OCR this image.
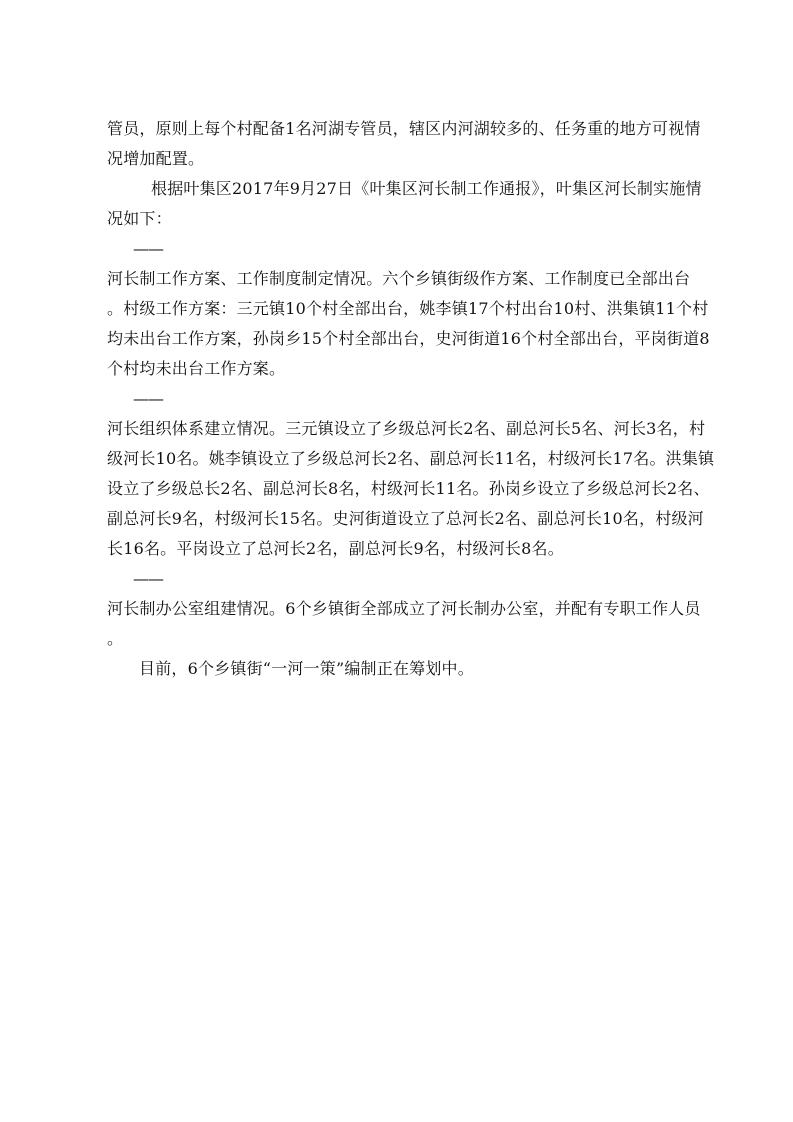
管员，原则上每个村配备1名河湖专管员，辖区内河湖较多的、任务重的地方可视情
况增加配置。
根据叶集区2017年9月27日《叶集区河长制工作通报》，叶集区河长制实施情
况如下：
——
河长制工作方案、工作制度制定情况。六个乡镇街级作方案、工作制度已全部出台
。村级工作方案：三元镇10个村全部出台，姚李镇17个村出台10村、洪集镇11个村
均未出台工作方案，孙岗乡15个村全部出台，史河街道16个村全部出台，平岗街道8
个村均未出台工作方案。
——
河长组织体系建立情况。三元镇设立了乡级总河长2名、副总河长5名、河长3名，村
级河长10名。姚李镇设立了乡级总河长2名、副总河长11名，村级河长17名。洪集镇
设立了乡级总长2名、副总河长8名，村级河长11名。孙岗乡设立了乡级总河长2名、
副总河长9名，村级河长15名。史河街道设立了总河长2名、副总河长10名，村级河
长16名。平岗设立了总河长2名，副总河长9名，村级河长8名。
——
河长制办公室组建情况。6个乡镇街全部成立了河长制办公室，并配有专职工作人员
。
目前，6个乡镇街“一河一策”编制正在筹划中。
